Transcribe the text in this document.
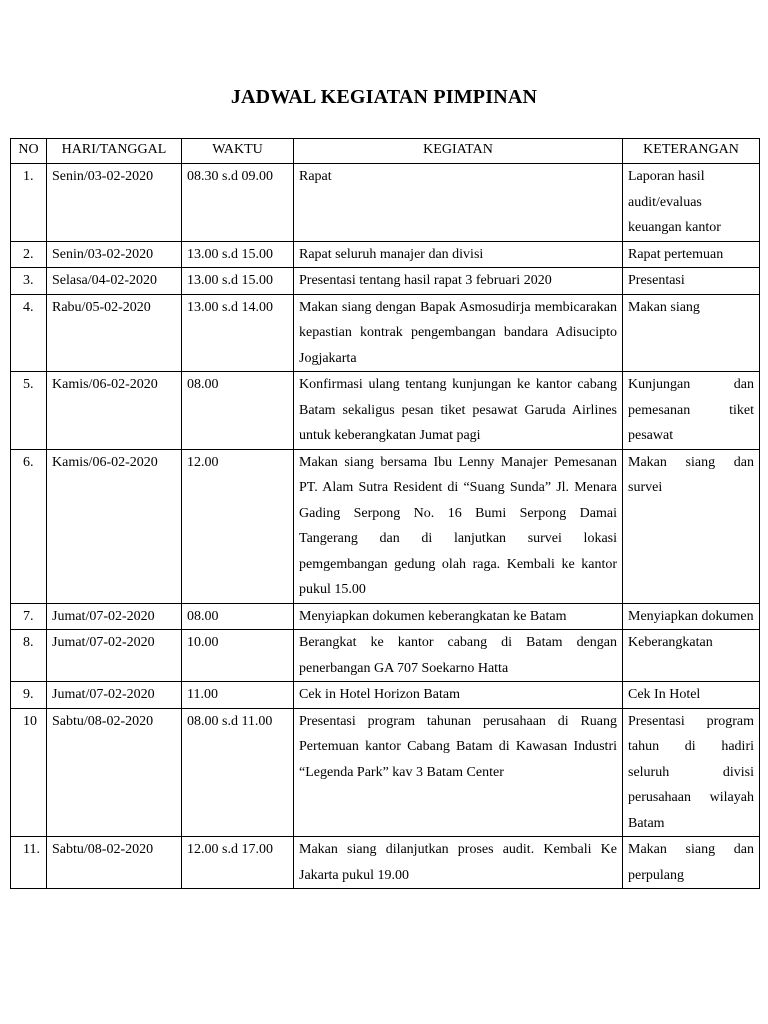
JADWAL KEGIATAN PIMPINAN
NO	HARI/TANGGAL	WAKTU	KEGIATAN	KETERANGAN
1.	Senin/03-02-2020	08.30 s.d 09.00	Rapat	Laporan hasil audit/evaluas keuangan kantor
2.	Senin/03-02-2020	13.00 s.d 15.00	Rapat seluruh manajer dan divisi	Rapat pertemuan
3.	Selasa/04-02-2020	13.00 s.d 15.00	Presentasi tentang hasil rapat 3 februari 2020	Presentasi
4.	Rabu/05-02-2020	13.00 s.d 14.00	Makan siang dengan Bapak Asmosudirja membicarakan kepastian kontrak pengembangan bandara Adisucipto Jogjakarta	Makan siang
5.	Kamis/06-02-2020	08.00	Konfirmasi ulang tentang kunjungan ke kantor cabang Batam sekaligus pesan tiket pesawat Garuda Airlines untuk keberangkatan Jumat pagi	Kunjungan dan pemesanan tiket pesawat
6.	Kamis/06-02-2020	12.00	Makan siang bersama Ibu Lenny Manajer Pemesanan PT. Alam Sutra Resident di “Suang Sunda” Jl. Menara Gading Serpong No. 16 Bumi Serpong Damai Tangerang dan di lanjutkan survei lokasi pemgembangan gedung olah raga. Kembali ke kantor pukul 15.00	Makan siang dan survei
7.	Jumat/07-02-2020	08.00	Menyiapkan dokumen keberangkatan ke Batam	Menyiapkan dokumen
8.	Jumat/07-02-2020	10.00	Berangkat ke kantor cabang di Batam dengan penerbangan GA 707 Soekarno Hatta	Keberangkatan
9.	Jumat/07-02-2020	11.00	Cek in Hotel Horizon Batam	Cek In Hotel
10	Sabtu/08-02-2020	08.00 s.d 11.00	Presentasi program tahunan perusahaan di Ruang Pertemuan kantor Cabang Batam di Kawasan Industri “Legenda Park” kav 3 Batam Center	Presentasi program tahun di hadiri seluruh divisi perusahaan wilayah Batam
11.	Sabtu/08-02-2020	12.00 s.d 17.00	Makan siang dilanjutkan proses audit. Kembali Ke Jakarta pukul 19.00	Makan siang dan perpulang
